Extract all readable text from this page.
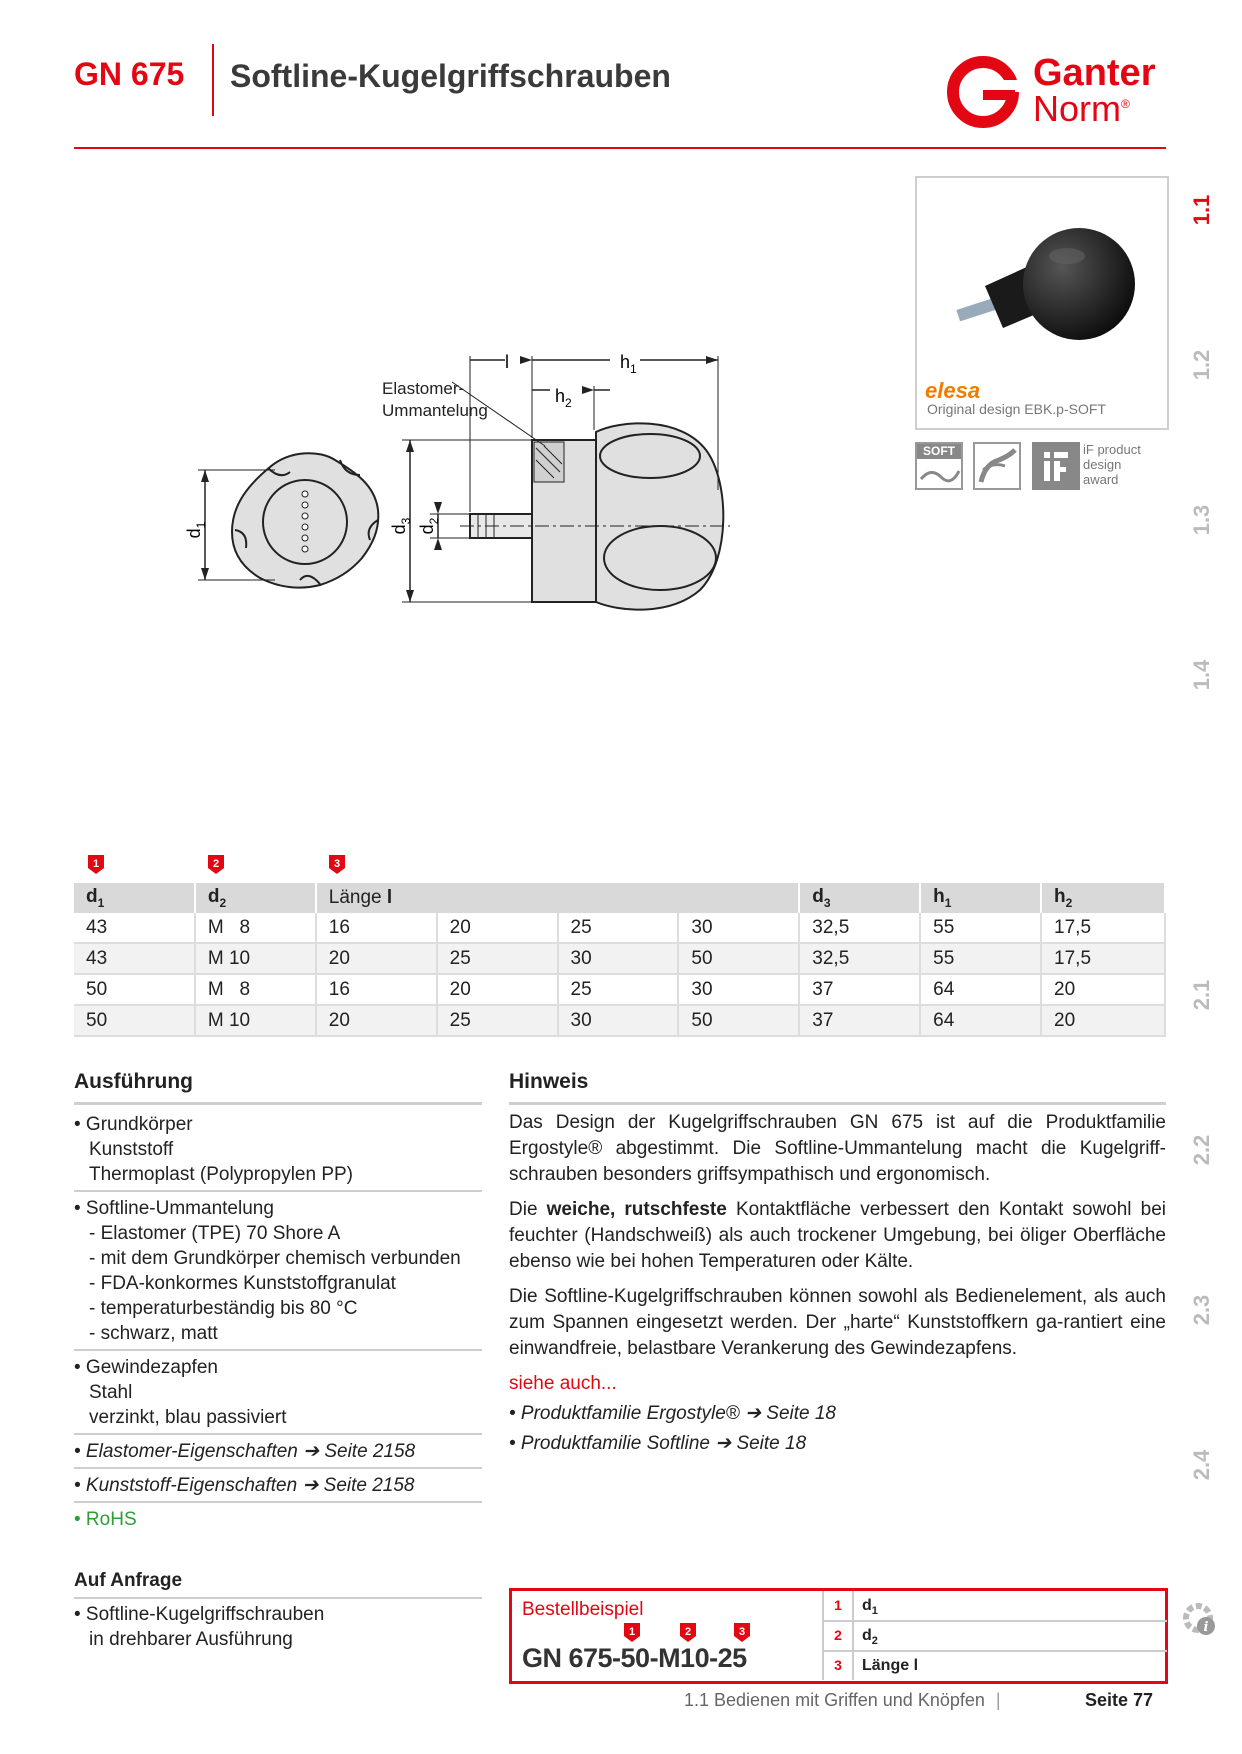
GN 675 Softline-Kugelgriffschrauben	Ganter
Norm®
1.1
1.2
1.3
1.4
2.1
2.2
2.3
2.4
i
elesa
Original design EBK.p-SOFT
SOFT	iF product
design
award
$d_1$	$d_3$
$d_2$
l	$h_1$
$h_2$
Elastomer-
Ummantelung
1	2	3
$d_1$	$d_2$	Länge l				$d_3$	$h_1$	$h_2$
43	M   8	16	20	25	30	32,5	55	17,5
43	M 10	20	25	30	50	32,5	55	17,5
50	M   8	16	20	25	30	37	64	20
50	M 10	20	25	30	50	37	64	20
Ausführung
• Grundkörper
Kunststoff
Thermoplast (Polypropylen PP)
• Softline-Ummantelung
- Elastomer (TPE) 70 Shore A
- mit dem Grundkörper chemisch verbunden
- FDA-konkormes Kunststoffgranulat
- temperaturbeständig bis 80 °C
- schwarz, matt
• Gewindezapfen
Stahl
verzinkt, blau passiviert
• Elastomer-Eigenschaften ➔ Seite 2158
• Kunststoff-Eigenschaften ➔ Seite 2158
• RoHS
Auf Anfrage
• Softline-Kugelgriffschrauben
in drehbarer Ausführung
Hinweis

Das Design der Kugelgriffschrauben GN 675 ist auf die Produktfamilie Ergostyle® abgestimmt. Die Softline-Ummantelung macht die Kugelgriff-schrauben besonders griffsympathisch und ergonomisch.

Die weiche, rutschfeste Kontaktfläche verbessert den Kontakt sowohl bei feuchter (Handschweiß) als auch trockener Umgebung, bei öliger Oberfläche ebenso wie bei hohen Temperaturen oder Kälte.

Die Softline-Kugelgriffschrauben können sowohl als Bedienelement, als auch zum Spannen eingesetzt werden. Der „harte“ Kunststoffkern ga-rantiert eine einwandfreie, belastbare Verankerung des Gewindezapfens.

siehe auch...
• Produktfamilie Ergostyle® ➔ Seite 18
• Produktfamilie Softline ➔ Seite 18
Bestellbeispiel
1	2	3
GN 675-50-M10-25
1	$d_1$
2	$d_2$
3	Länge l
1.1 Bedienen mit Griffen und Knöpfen |	Seite 77
